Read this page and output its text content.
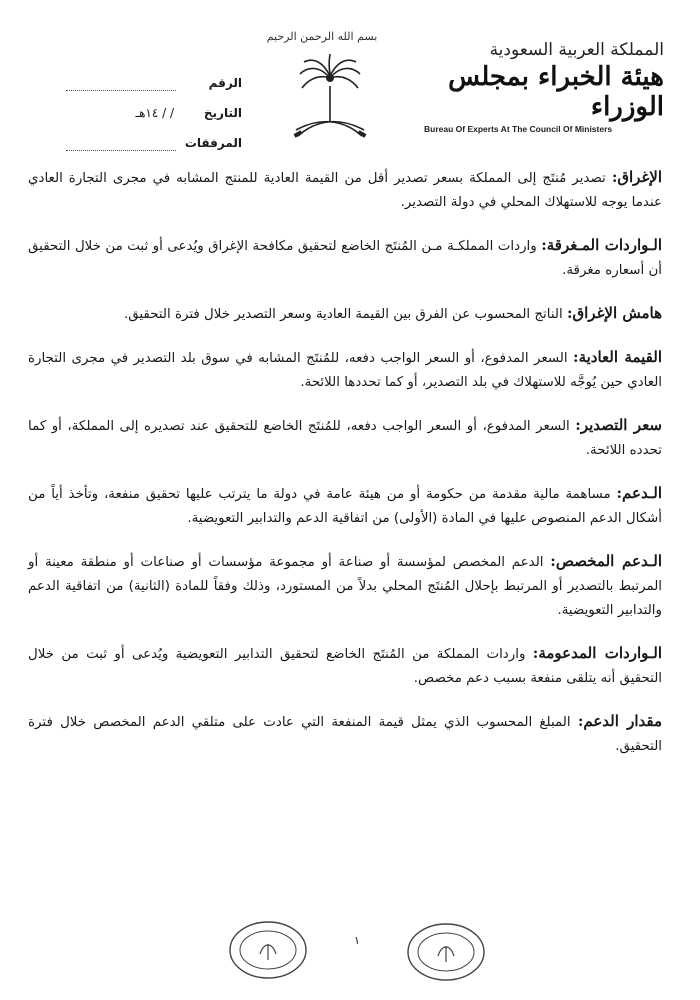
بسم الله الرحمن الرحيم
المملكة العربية السعودية
هيئة الخبراء بمجلس الوزراء
Bureau Of Experts At The Council Of Ministers
الرقم
التاريخ
/ / ١٤هـ
المرفقات

الإغراق: تصدير مُنتَج إلى المملكة بسعر تصدير أقل من القيمة العادية للمنتج المشابه في مجرى التجارة العادي عندما يوجه للاستهلاك المحلي في دولة التصدير.

الـواردات المـغرقة: واردات المملكـة مـن المُنتَج الخاضع لتحقيق مكافحة الإغراق ويُدعى أو ثبت من خلال التحقيق أن أسعاره مغرقة.

هامش الإغراق: الناتج المحسوب عن الفرق بين القيمة العادية وسعر التصدير خلال فترة التحقيق.

القيمة العادية: السعر المدفوع، أو السعر الواجب دفعه، للمُنتَج المشابه في سوق بلد التصدير في مجرى التجارة العادي حين يُوجَّه للاستهلاك في بلد التصدير، أو كما تحددها اللائحة.

سعر التصدير: السعر المدفوع، أو السعر الواجب دفعه، للمُنتَج الخاضع للتحقيق عند تصديره إلى المملكة، أو كما تحدده اللائحة.

الـدعم: مساهمة مالية مقدمة من حكومة أو من هيئة عامة في دولة ما يترتب عليها تحقيق منفعة، وتأخذ أياً من أشكال الدعم المنصوص عليها في المادة (الأولى) من اتفاقية الدعم والتدابير التعويضية.

الـدعم المخصص: الدعم المخصص لمؤسسة أو صناعة أو مجموعة مؤسسات أو صناعات أو منطقة معينة أو المرتبط بالتصدير أو المرتبط بإحلال المُنتَج المحلي بدلاً من المستورد، وذلك وفقاً للمادة (الثانية) من اتفاقية الدعم والتدابير التعويضية.

الـواردات المدعومة: واردات المملكة من المُنتَج الخاضع لتحقيق التدابير التعويضية ويُدعى أو ثبت من خلال التحقيق أنه يتلقى منفعة بسبب دعم مخصص.

مقدار الدعم: المبلغ المحسوب الذي يمثل قيمة المنفعة التي عادت على متلقي الدعم المخصص خلال فترة التحقيق.

١
